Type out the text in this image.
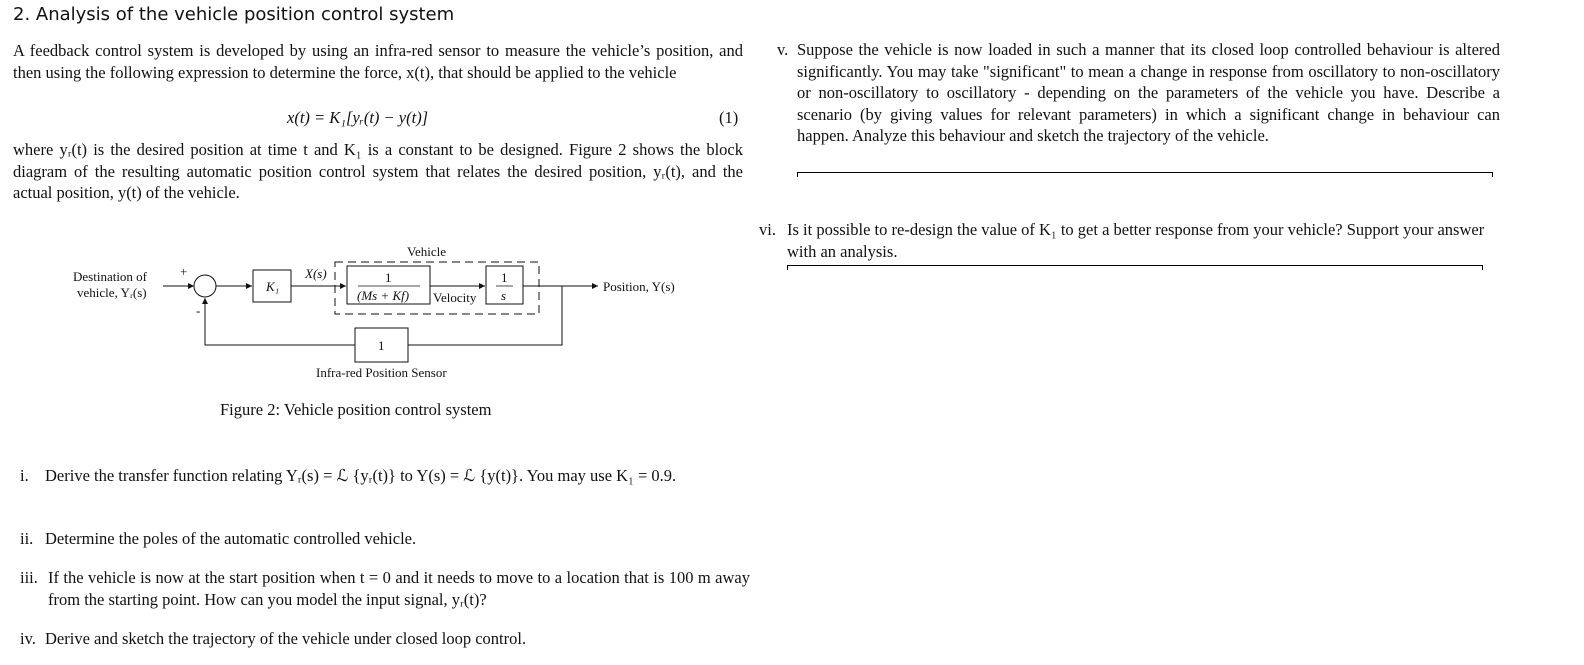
2. Analysis of the vehicle position control system
A feedback control system is developed by using an infra-red sensor to measure the vehicle’s position, and then using the following expression to determine the force, x(t), that should be applied to the vehicle
x(t) = K₁[yᵣ(t) − y(t)]	(1)
where yᵣ(t) is the desired position at time t and K₁ is a constant to be designed. Figure 2 shows the block diagram of the resulting automatic position control system that relates the desired position, yᵣ(t), and the actual position, y(t) of the vehicle.
Destination of
vehicle, Yᵣ(s)
+
-
K₁
X(s)
Vehicle
1
(Ms + Kf) Velocity
1
s
Position, Y(s)
1
Infra-red Position Sensor
Figure 2: Vehicle position control system
i. Derive the transfer function relating Yᵣ(s) = ℒ {yᵣ(t)} to Y(s) = ℒ {y(t)}. You may use K₁ = 0.9.
ii. Determine the poles of the automatic controlled vehicle.
iii. If the vehicle is now at the start position when t = 0 and it needs to move to a location that is 100 m away from the starting point. How can you model the input signal, yᵣ(t)?
iv. Derive and sketch the trajectory of the vehicle under closed loop control.
v. Suppose the vehicle is now loaded in such a manner that its closed loop controlled behaviour is altered significantly. You may take "significant" to mean a change in response from oscillatory to non-oscillatory or non-oscillatory to oscillatory - depending on the parameters of the vehicle you have. Describe a scenario (by giving values for relevant parameters) in which a significant change in behaviour can happen. Analyze this behaviour and sketch the trajectory of the vehicle.
vi. Is it possible to re-design the value of K₁ to get a better response from your vehicle? Support your answer with an analysis.
